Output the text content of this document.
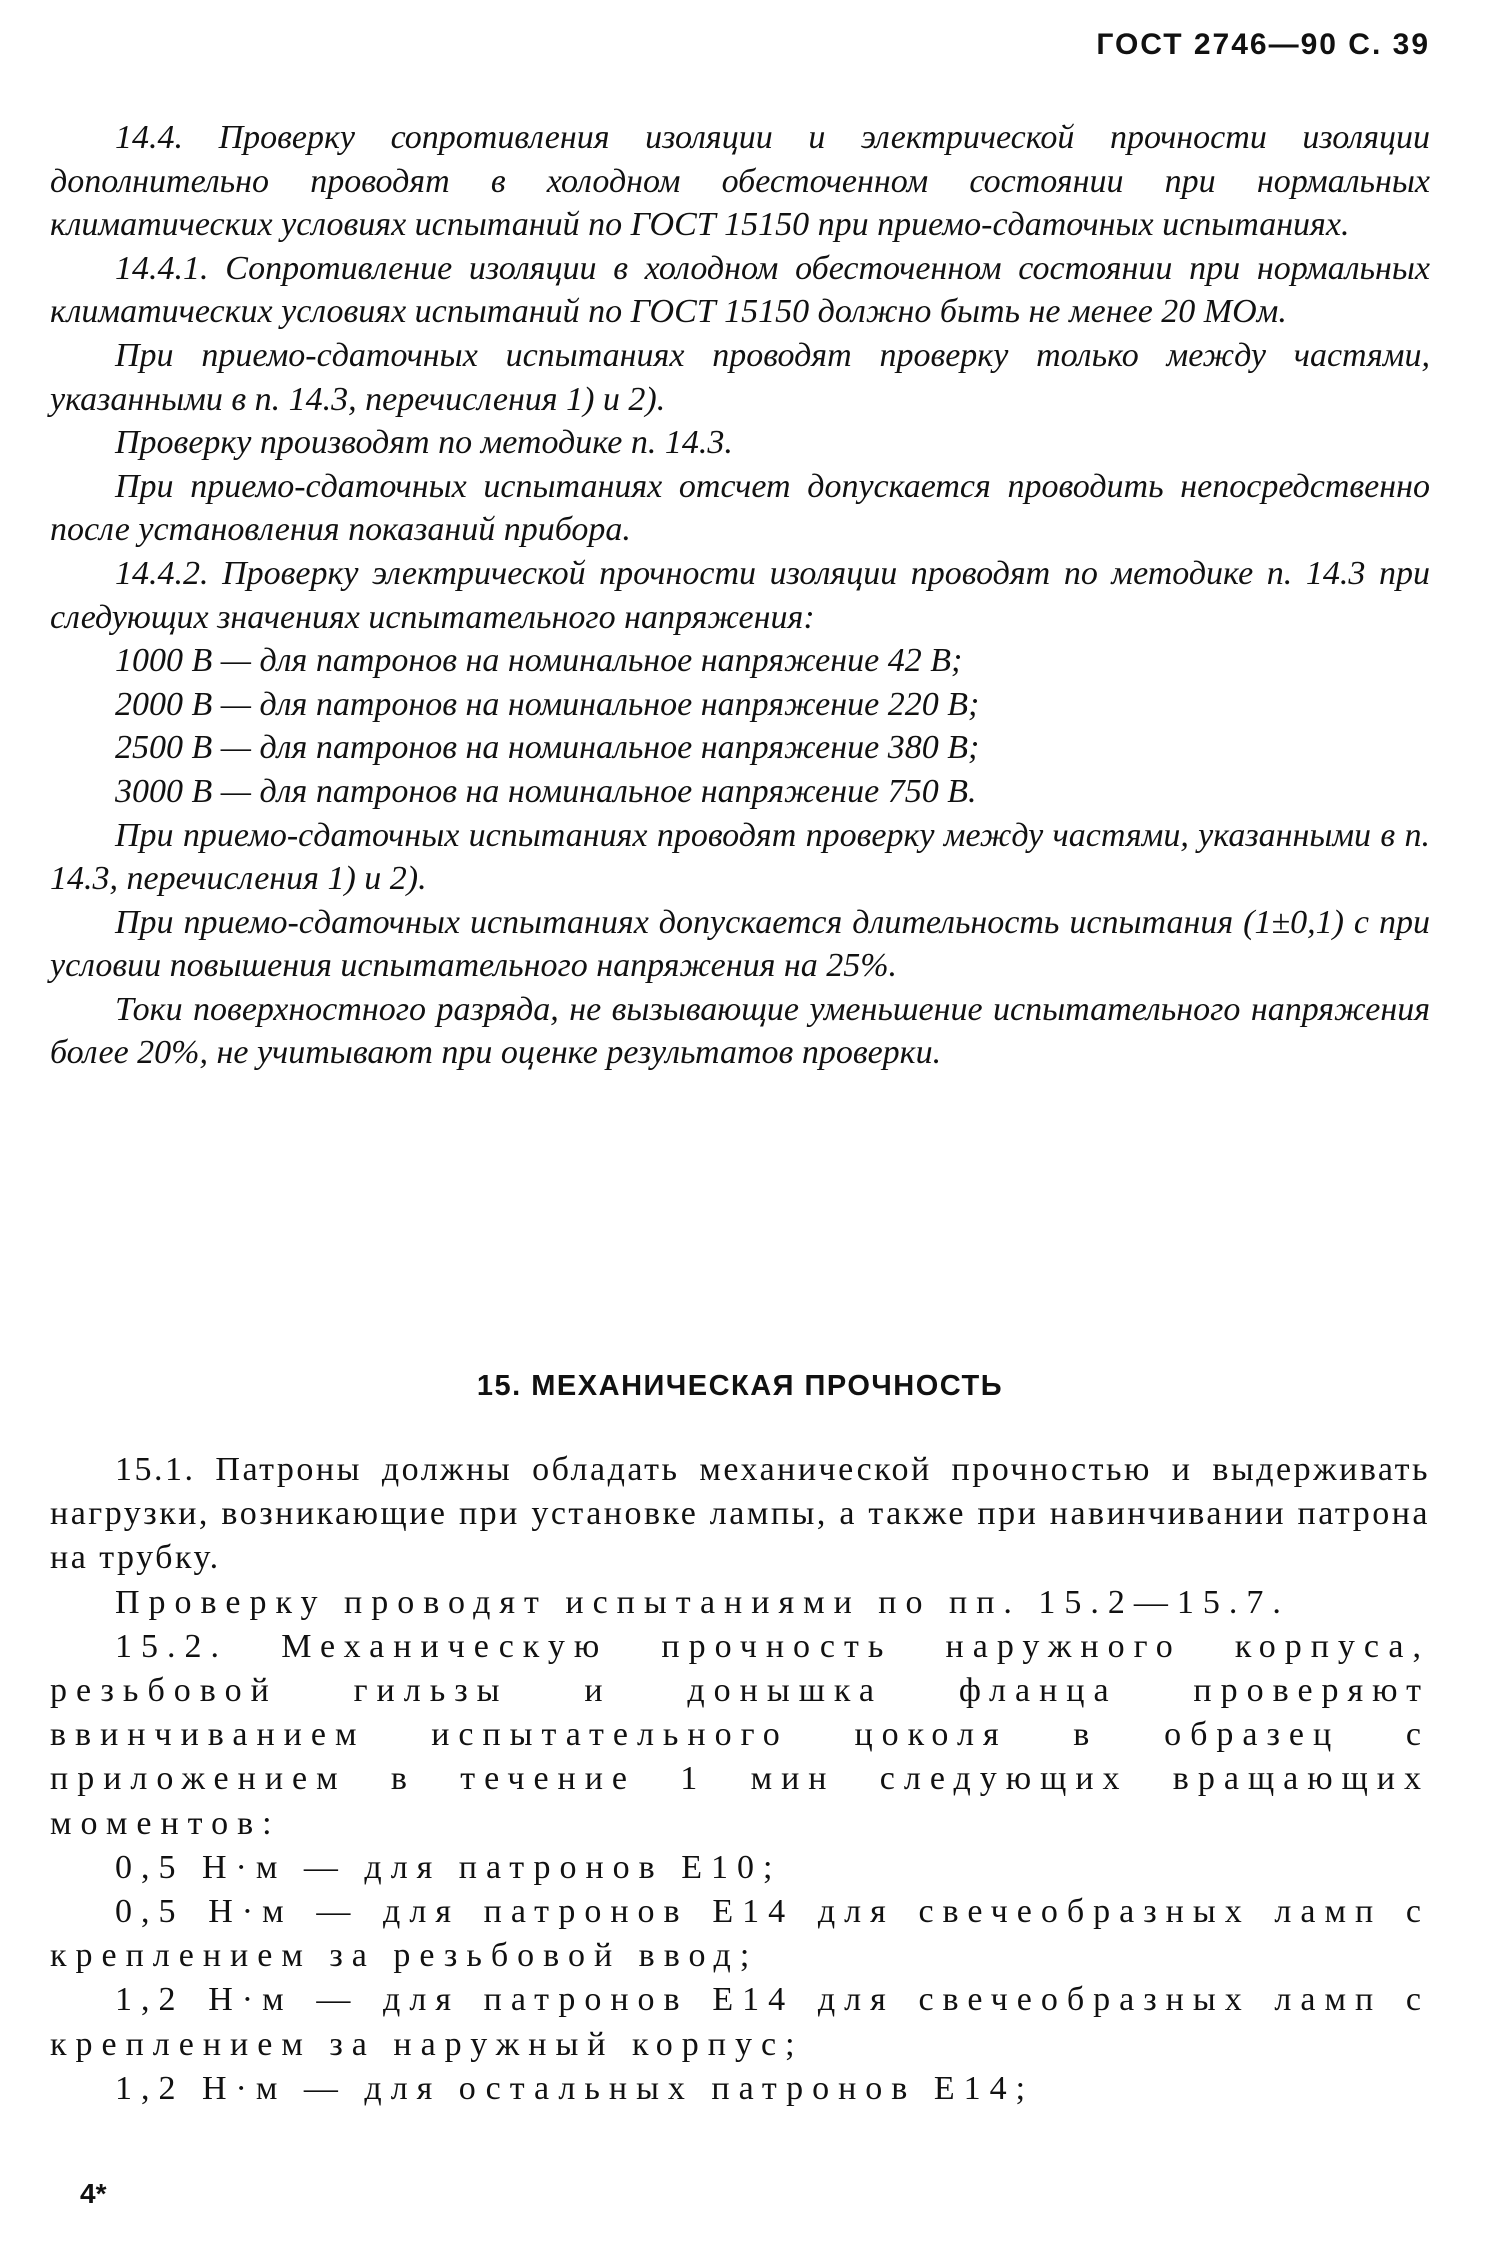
ГОСТ 2746—90 С. 39

14.4. Проверку сопротивления изоляции и электрической прочности изоляции дополнительно проводят в холодном обесточенном состоянии при нормальных климатических условиях испытаний по ГОСТ 15150 при приемо-сдаточных испытаниях.

14.4.1. Сопротивление изоляции в холодном обесточенном состоянии при нормальных климатических условиях испытаний по ГОСТ 15150 должно быть не менее 20 МОм.

При приемо-сдаточных испытаниях проводят проверку только между частями, указанными в п. 14.3, перечисления 1) и 2).

Проверку производят по методике п. 14.3.

При приемо-сдаточных испытаниях отсчет допускается проводить непосредственно после установления показаний прибора.

14.4.2. Проверку электрической прочности изоляции проводят по методике п. 14.3 при следующих значениях испытательного напряжения:

1000 В — для патронов на номинальное напряжение 42 В;

2000 В — для патронов на номинальное напряжение 220 В;

2500 В — для патронов на номинальное напряжение 380 В;

3000 В — для патронов на номинальное напряжение 750 В.

При приемо-сдаточных испытаниях проводят проверку между частями, указанными в п. 14.3, перечисления 1) и 2).

При приемо-сдаточных испытаниях допускается длительность испытания (1±0,1) с при условии повышения испытательного напряжения на 25%.

Токи поверхностного разряда, не вызывающие уменьшение испытательного напряжения более 20%, не учитывают при оценке результатов проверки.

15. МЕХАНИЧЕСКАЯ ПРОЧНОСТЬ

15.1. Патроны должны обладать механической прочностью и выдерживать нагрузки, возникающие при установке лампы, а также при навинчивании патрона на трубку.

Проверку проводят испытаниями по пп. 15.2—15.7.

15.2. Механическую прочность наружного корпуса, резьбовой гильзы и донышка фланца проверяют ввинчиванием испытательного цоколя в образец с приложением в течение 1 мин следующих вращающих моментов:

0,5 Н·м — для патронов Е10;

0,5 Н·м — для патронов Е14 для свечеобразных ламп с креплением за резьбовой ввод;

1,2 Н·м — для патронов Е14 для свечеобразных ламп с креплением за наружный корпус;

1,2 Н·м — для остальных патронов Е14;

4*
